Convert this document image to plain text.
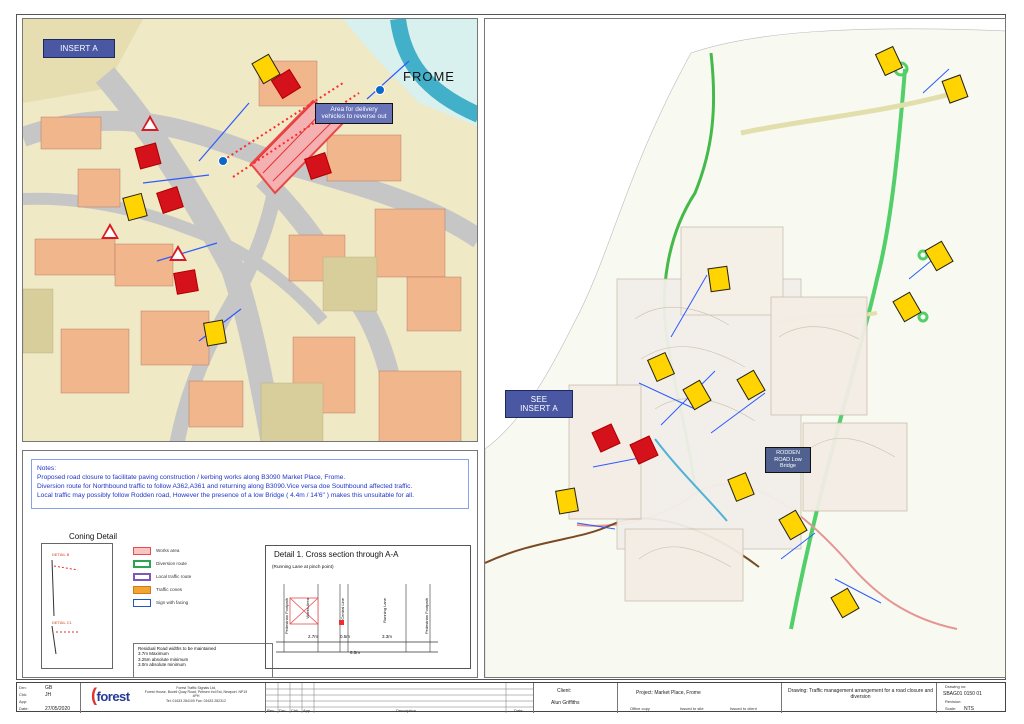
INSERT A
FROME
Area for delivery vehicles to reverse out
Notes:
Proposed road closure to facilitate paving construction / kerbing works along B3090 Market Place, Frome.
Diversion route for Northbound traffic to follow A362,A361 and returning along B3090.Vice versa doe Southbound affected traffic.
Local traffic may possibly follow Rodden road, However the presence of a low Bridge ( 4.4m / 14'6" ) makes this unsuitable for all.
Coning Detail
DETAIL B
DETAIL C1
Works area
Diversion route
Local traffic route
Traffic cones
Sign with facing
Residual Road widths to be maintained
3.7m Maximum
3.25m absolute minimum
3.0m absolute minimum
Detail 1. Cross section through A-A
(Running Lane at pinch point)
Pedestrian Footpath	Works Area	Central Line	Running Lane	Pedestrian Footpath
2.7m	0.5m	3.3m
6.5m
SEE INSERT A
RODDEN ROAD Low Bridge
Drn:	GB
Chk:	JH
App:
Date:	27/05/2020
(forest
Forest Traffic Signals Ltd,
Forest House, Bozell Quay Road, Pebsen Ind Est, Newport, NP19 4PH
Tel: 01633 284100 Fax: 01633 282312
Rev. Drn. Chk. App.	Description	Date:
Client:
Alun Griffiths
Project: Market Place, Frome
Office copy	Issued to site	Issued to client
Drawing: Traffic management arrangement for a road closure and diversion
Drawing no:
SBAG01 0150 01
Revision:
Scale: NTS
